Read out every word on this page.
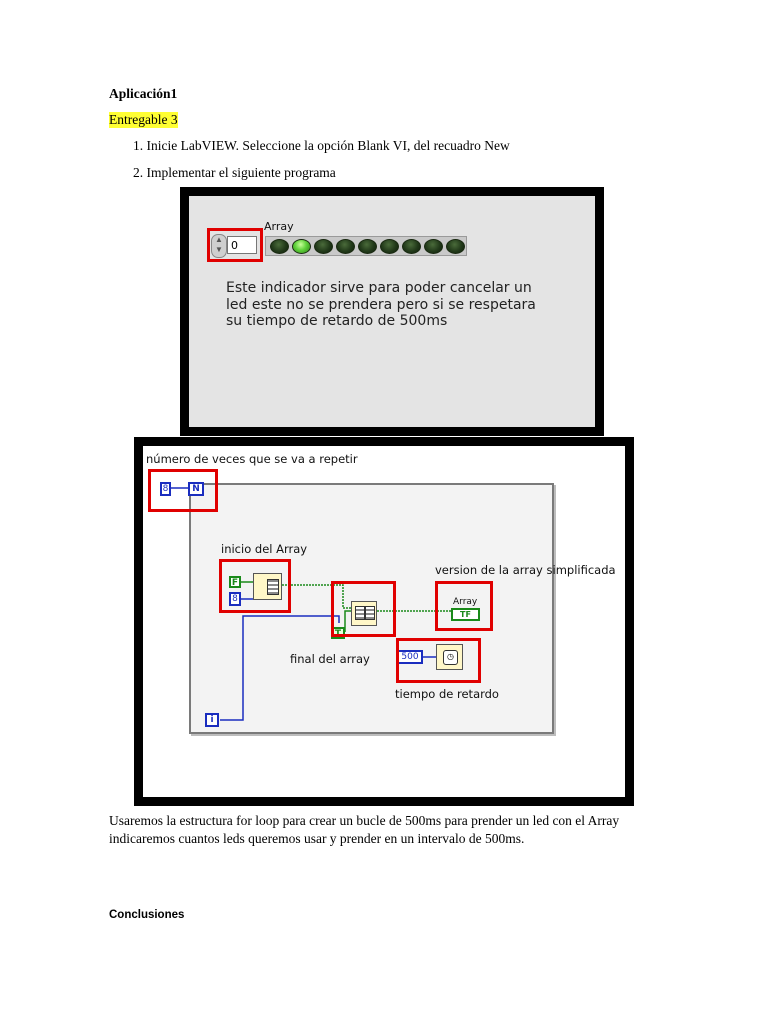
Aplicación1
Entregable 3
1. Inicie LabVIEW. Seleccione la opción Blank VI, del recuadro New
2. Implementar el siguiente programa
Array
▲
▼ 0
Este indicador sirve para poder cancelar un
led este no se prendera pero si se respetara
su tiempo de retardo de 500ms
número de veces que se va a repetir
8	N
inicio del Array
F
8
T
final del array
version de la array simplificada
Array
TF
500	◷
tiempo de retardo
i
Usaremos la estructura for loop para crear un bucle de 500ms para prender un led con el Array
indicaremos cuantos leds queremos usar y prender en un intervalo de 500ms.
Conclusiones
